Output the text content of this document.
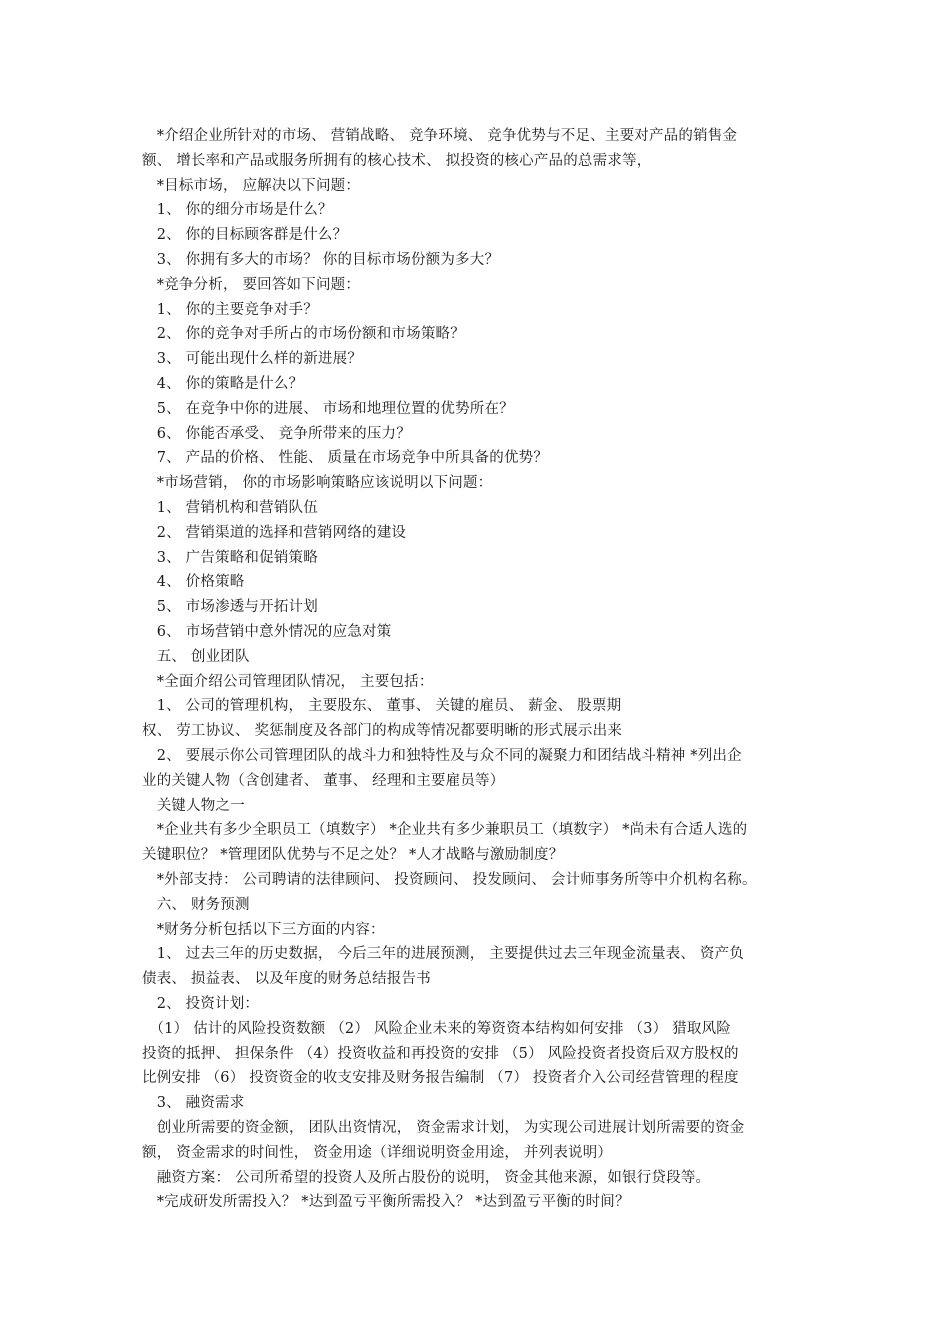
　*介绍企业所针对的市场、 营销战略、 竞争环境、 竞争优势与不足、主要对产品的销售金
额、 增长率和产品或服务所拥有的核心技术、 拟投资的核心产品的总需求等，
　*目标市场， 应解决以下问题：
　1、 你的细分市场是什么？
　2、 你的目标顾客群是什么？
　3、 你拥有多大的市场？ 你的目标市场份额为多大？
　*竞争分析， 要回答如下问题：
　1、 你的主要竞争对手？
　2、 你的竞争对手所占的市场份额和市场策略？
　3、 可能出现什么样的新进展？
　4、 你的策略是什么？
　5、 在竞争中你的进展、 市场和地理位置的优势所在？
　6、 你能否承受、 竞争所带来的压力？
　7、 产品的价格、 性能、 质量在市场竞争中所具备的优势？
　*市场营销， 你的市场影响策略应该说明以下问题：
　1、 营销机构和营销队伍
　2、 营销渠道的选择和营销网络的建设
　3、 广告策略和促销策略
　4、 价格策略
　5、 市场渗透与开拓计划
　6、 市场营销中意外情况的应急对策
　五、 创业团队
　*全面介绍公司管理团队情况， 主要包括：
　1、 公司的管理机构， 主要股东、 董事、 关键的雇员、 薪金、 股票期
权、 劳工协议、 奖惩制度及各部门的构成等情况都要明晰的形式展示出来
　2、 要展示你公司管理团队的战斗力和独特性及与众不同的凝聚力和团结战斗精神 *列出企
业的关键人物（含创建者、 董事、 经理和主要雇员等）
　关键人物之一
　*企业共有多少全职员工（填数字） *企业共有多少兼职员工（填数字） *尚未有合适人选的
关键职位？ *管理团队优势与不足之处？ *人才战略与激励制度？
　*外部支持： 公司聘请的法律顾问、 投资顾问、 投发顾问、 会计师事务所等中介机构名称。
　六、 财务预测
　*财务分析包括以下三方面的内容：
　1、 过去三年的历史数据， 今后三年的进展预测， 主要提供过去三年现金流量表、 资产负
债表、 损益表、 以及年度的财务总结报告书
　2、 投资计划：
　（1） 估计的风险投资数额 （2） 风险企业未来的筹资资本结构如何安排 （3） 猎取风险
投资的抵押、 担保条件 （4）投资收益和再投资的安排 （5） 风险投资者投资后双方股权的
比例安排 （6） 投资资金的收支安排及财务报告编制 （7） 投资者介入公司经营管理的程度
　3、 融资需求
　创业所需要的资金额， 团队出资情况， 资金需求计划， 为实现公司进展计划所需要的资金
额， 资金需求的时间性， 资金用途（详细说明资金用途， 并列表说明）
　融资方案： 公司所希望的投资人及所占股份的说明， 资金其他来源，如银行贷段等。
　*完成研发所需投入？ *达到盈亏平衡所需投入？ *达到盈亏平衡的时间？
